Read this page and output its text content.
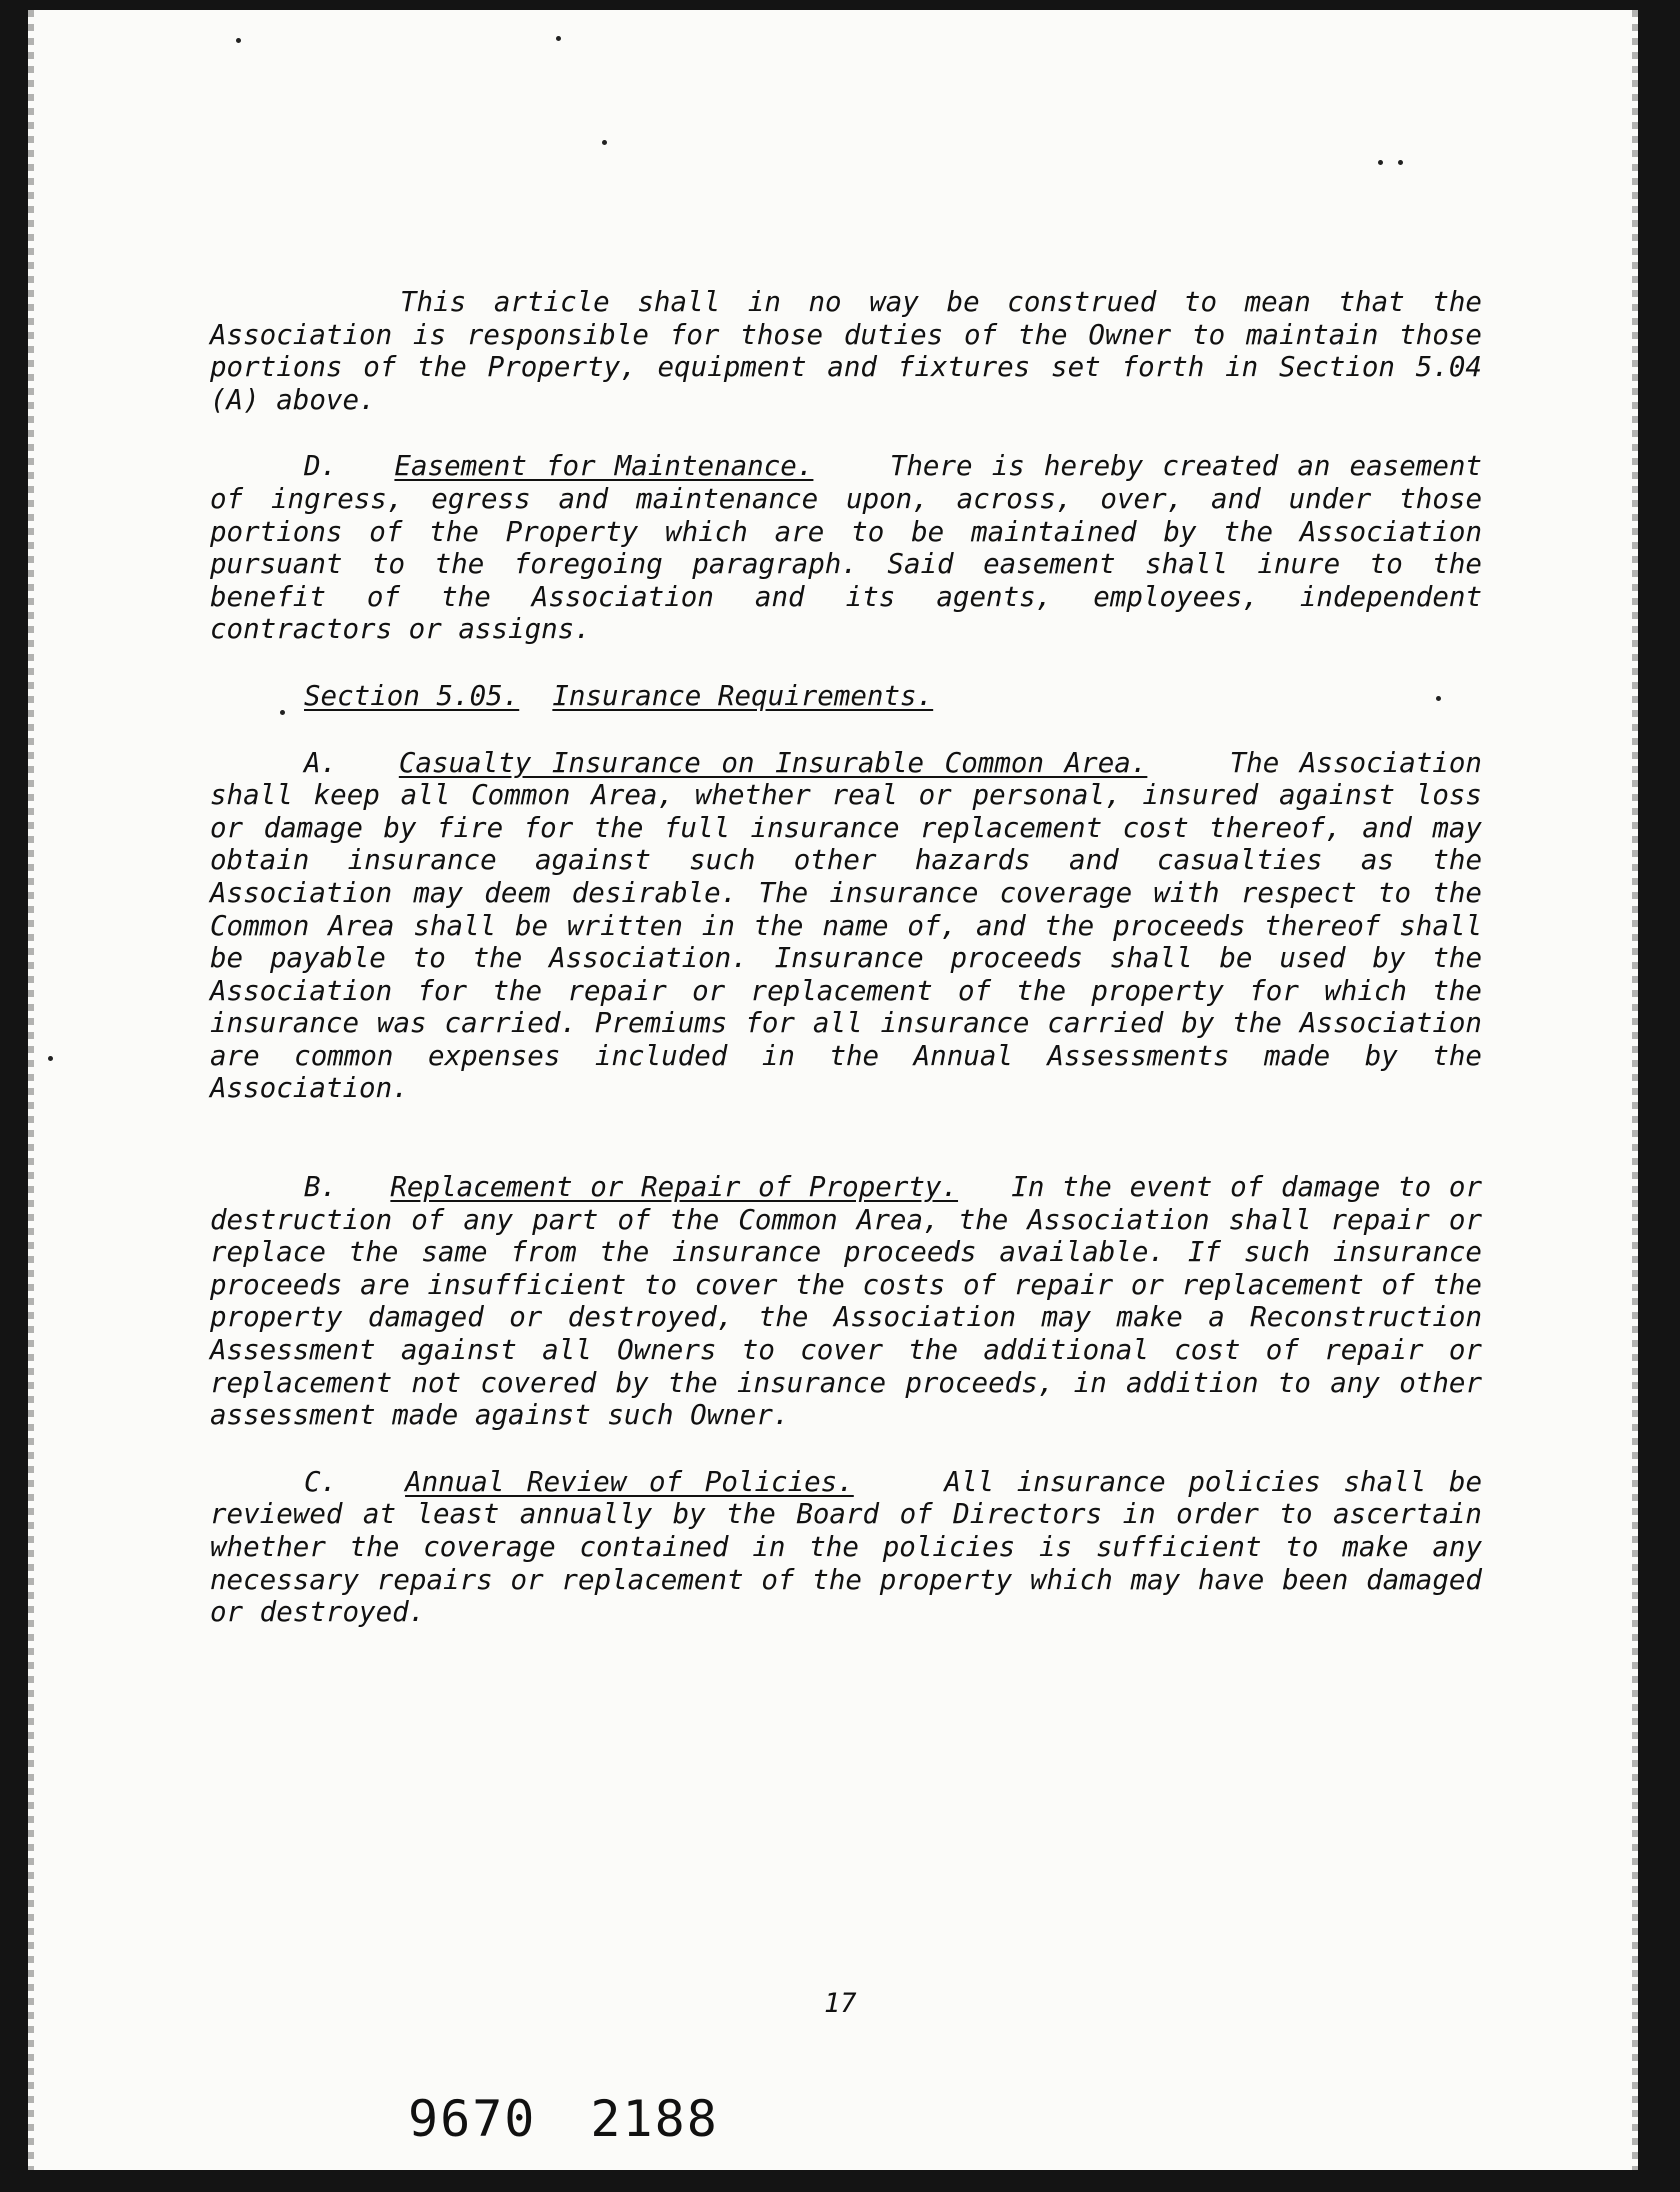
This article shall in no way be construed to mean that the Association is responsible for those duties of the Owner to maintain those portions of the Property, equipment and fixtures set forth in Section 5.04 (A) above.

D. Easement for Maintenance.	There is hereby created an easement of ingress, egress and maintenance upon, across, over, and under those portions of the Property which are to be maintained by the Association pursuant to the foregoing paragraph. Said easement shall inure to the benefit of the Association and its agents, employees, independent contractors or assigns.

Section 5.05. Insurance Requirements.

A. Casualty Insurance on Insurable Common Area.	The Association shall keep all Common Area, whether real or personal, insured against loss or damage by fire for the full insurance replacement cost thereof, and may obtain insurance against such other hazards and casualties as the Association may deem desirable. The insurance coverage with respect to the Common Area shall be written in the name of, and the proceeds thereof shall be payable to the Association. Insurance proceeds shall be used by the Association for the repair or replacement of the property for which the insurance was carried. Premiums for all insurance carried by the Association are common expenses included in the Annual Assessments made by the Association.

B. Replacement or Repair of Property. In the event of damage to or destruction of any part of the Common Area, the Association shall repair or replace the same from the insurance proceeds available. If such insurance proceeds are insufficient to cover the costs of repair or replacement of the property damaged or destroyed, the Association may make a Reconstruction Assessment against all Owners to cover the additional cost of repair or replacement not covered by the insurance proceeds, in addition to any other assessment made against such Owner.

C. Annual Review of Policies.	All insurance policies shall be reviewed at least annually by the Board of Directors in order to ascertain whether the coverage contained in the policies is sufficient to make any necessary repairs or replacement of the property which may have been damaged or destroyed.

17
9670 2188
